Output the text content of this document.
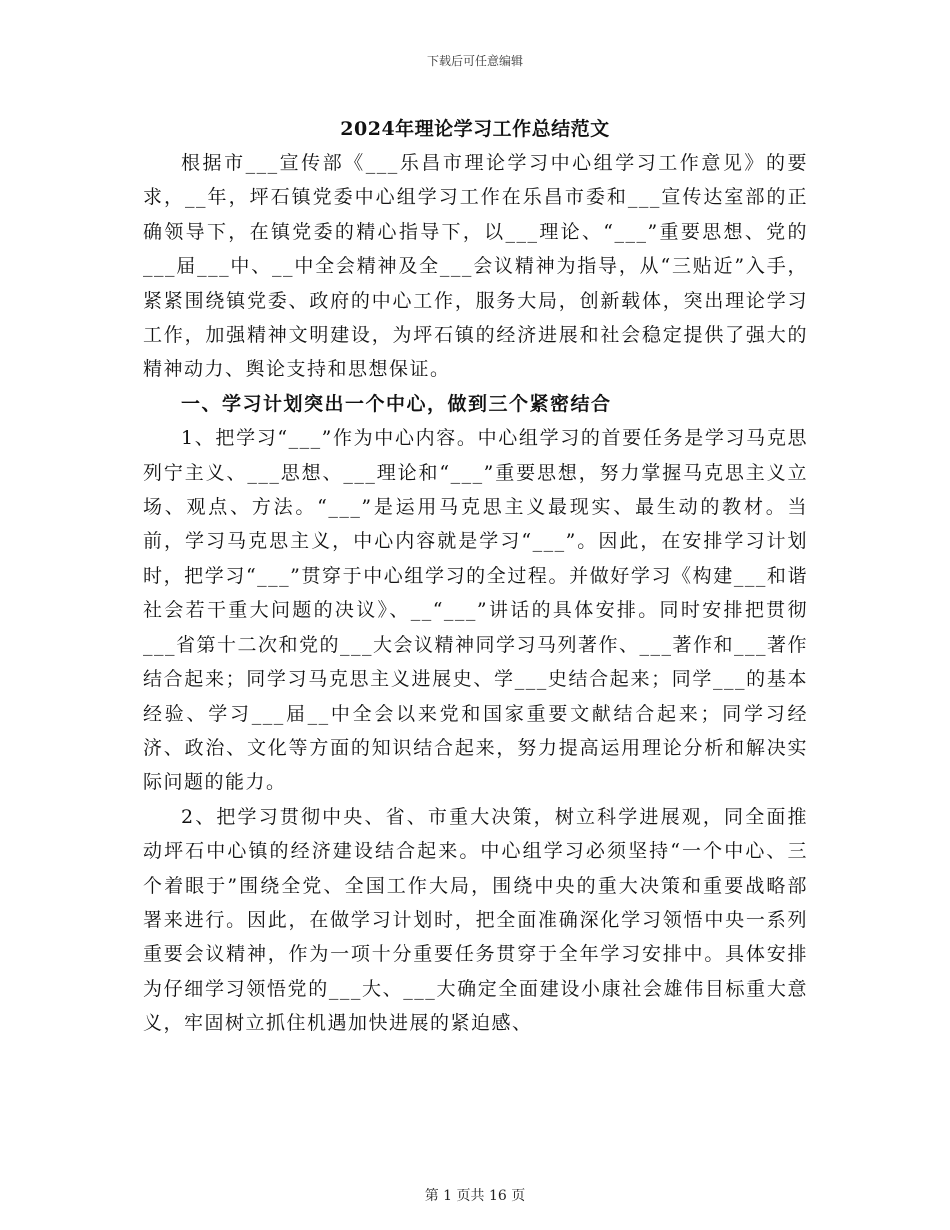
下载后可任意编辑
2024年理论学习工作总结范文

根据市___宣传部《___乐昌市理论学习中心组学习工作意见》的要求，__年，坪石镇党委中心组学习工作在乐昌市委和___宣传达室部的正确领导下，在镇党委的精心指导下，以___理论、“___”重要思想、党的___届___中、__中全会精神及全___会议精神为指导，从“三贴近”入手，紧紧围绕镇党委、政府的中心工作，服务大局，创新载体，突出理论学习工作，加强精神文明建设，为坪石镇的经济进展和社会稳定提供了强大的精神动力、舆论支持和思想保证。

一、学习计划突出一个中心，做到三个紧密结合

1、把学习“___”作为中心内容。中心组学习的首要任务是学习马克思列宁主义、___思想、___理论和“___”重要思想，努力掌握马克思主义立场、观点、方法。“___”是运用马克思主义最现实、最生动的教材。当前，学习马克思主义，中心内容就是学习“___”。因此，在安排学习计划时，把学习“___”贯穿于中心组学习的全过程。并做好学习《构建___和谐社会若干重大问题的决议》、__“___”讲话的具体安排。同时安排把贯彻___省第十二次和党的___大会议精神同学习马列著作、___著作和___著作结合起来；同学习马克思主义进展史、学___史结合起来；同学___的基本经验、学习___届__中全会以来党和国家重要文献结合起来；同学习经济、政治、文化等方面的知识结合起来，努力提高运用理论分析和解决实际问题的能力。

2、把学习贯彻中央、省、市重大决策，树立科学进展观，同全面推动坪石中心镇的经济建设结合起来。中心组学习必须坚持“一个中心、三个着眼于”围绕全党、全国工作大局，围绕中央的重大决策和重要战略部署来进行。因此，在做学习计划时，把全面准确深化学习领悟中央一系列重要会议精神，作为一项十分重要任务贯穿于全年学习安排中。具体安排为仔细学习领悟党的___大、___大确定全面建设小康社会雄伟目标重大意义，牢固树立抓住机遇加快进展的紧迫感、

第 1 页共 16 页
